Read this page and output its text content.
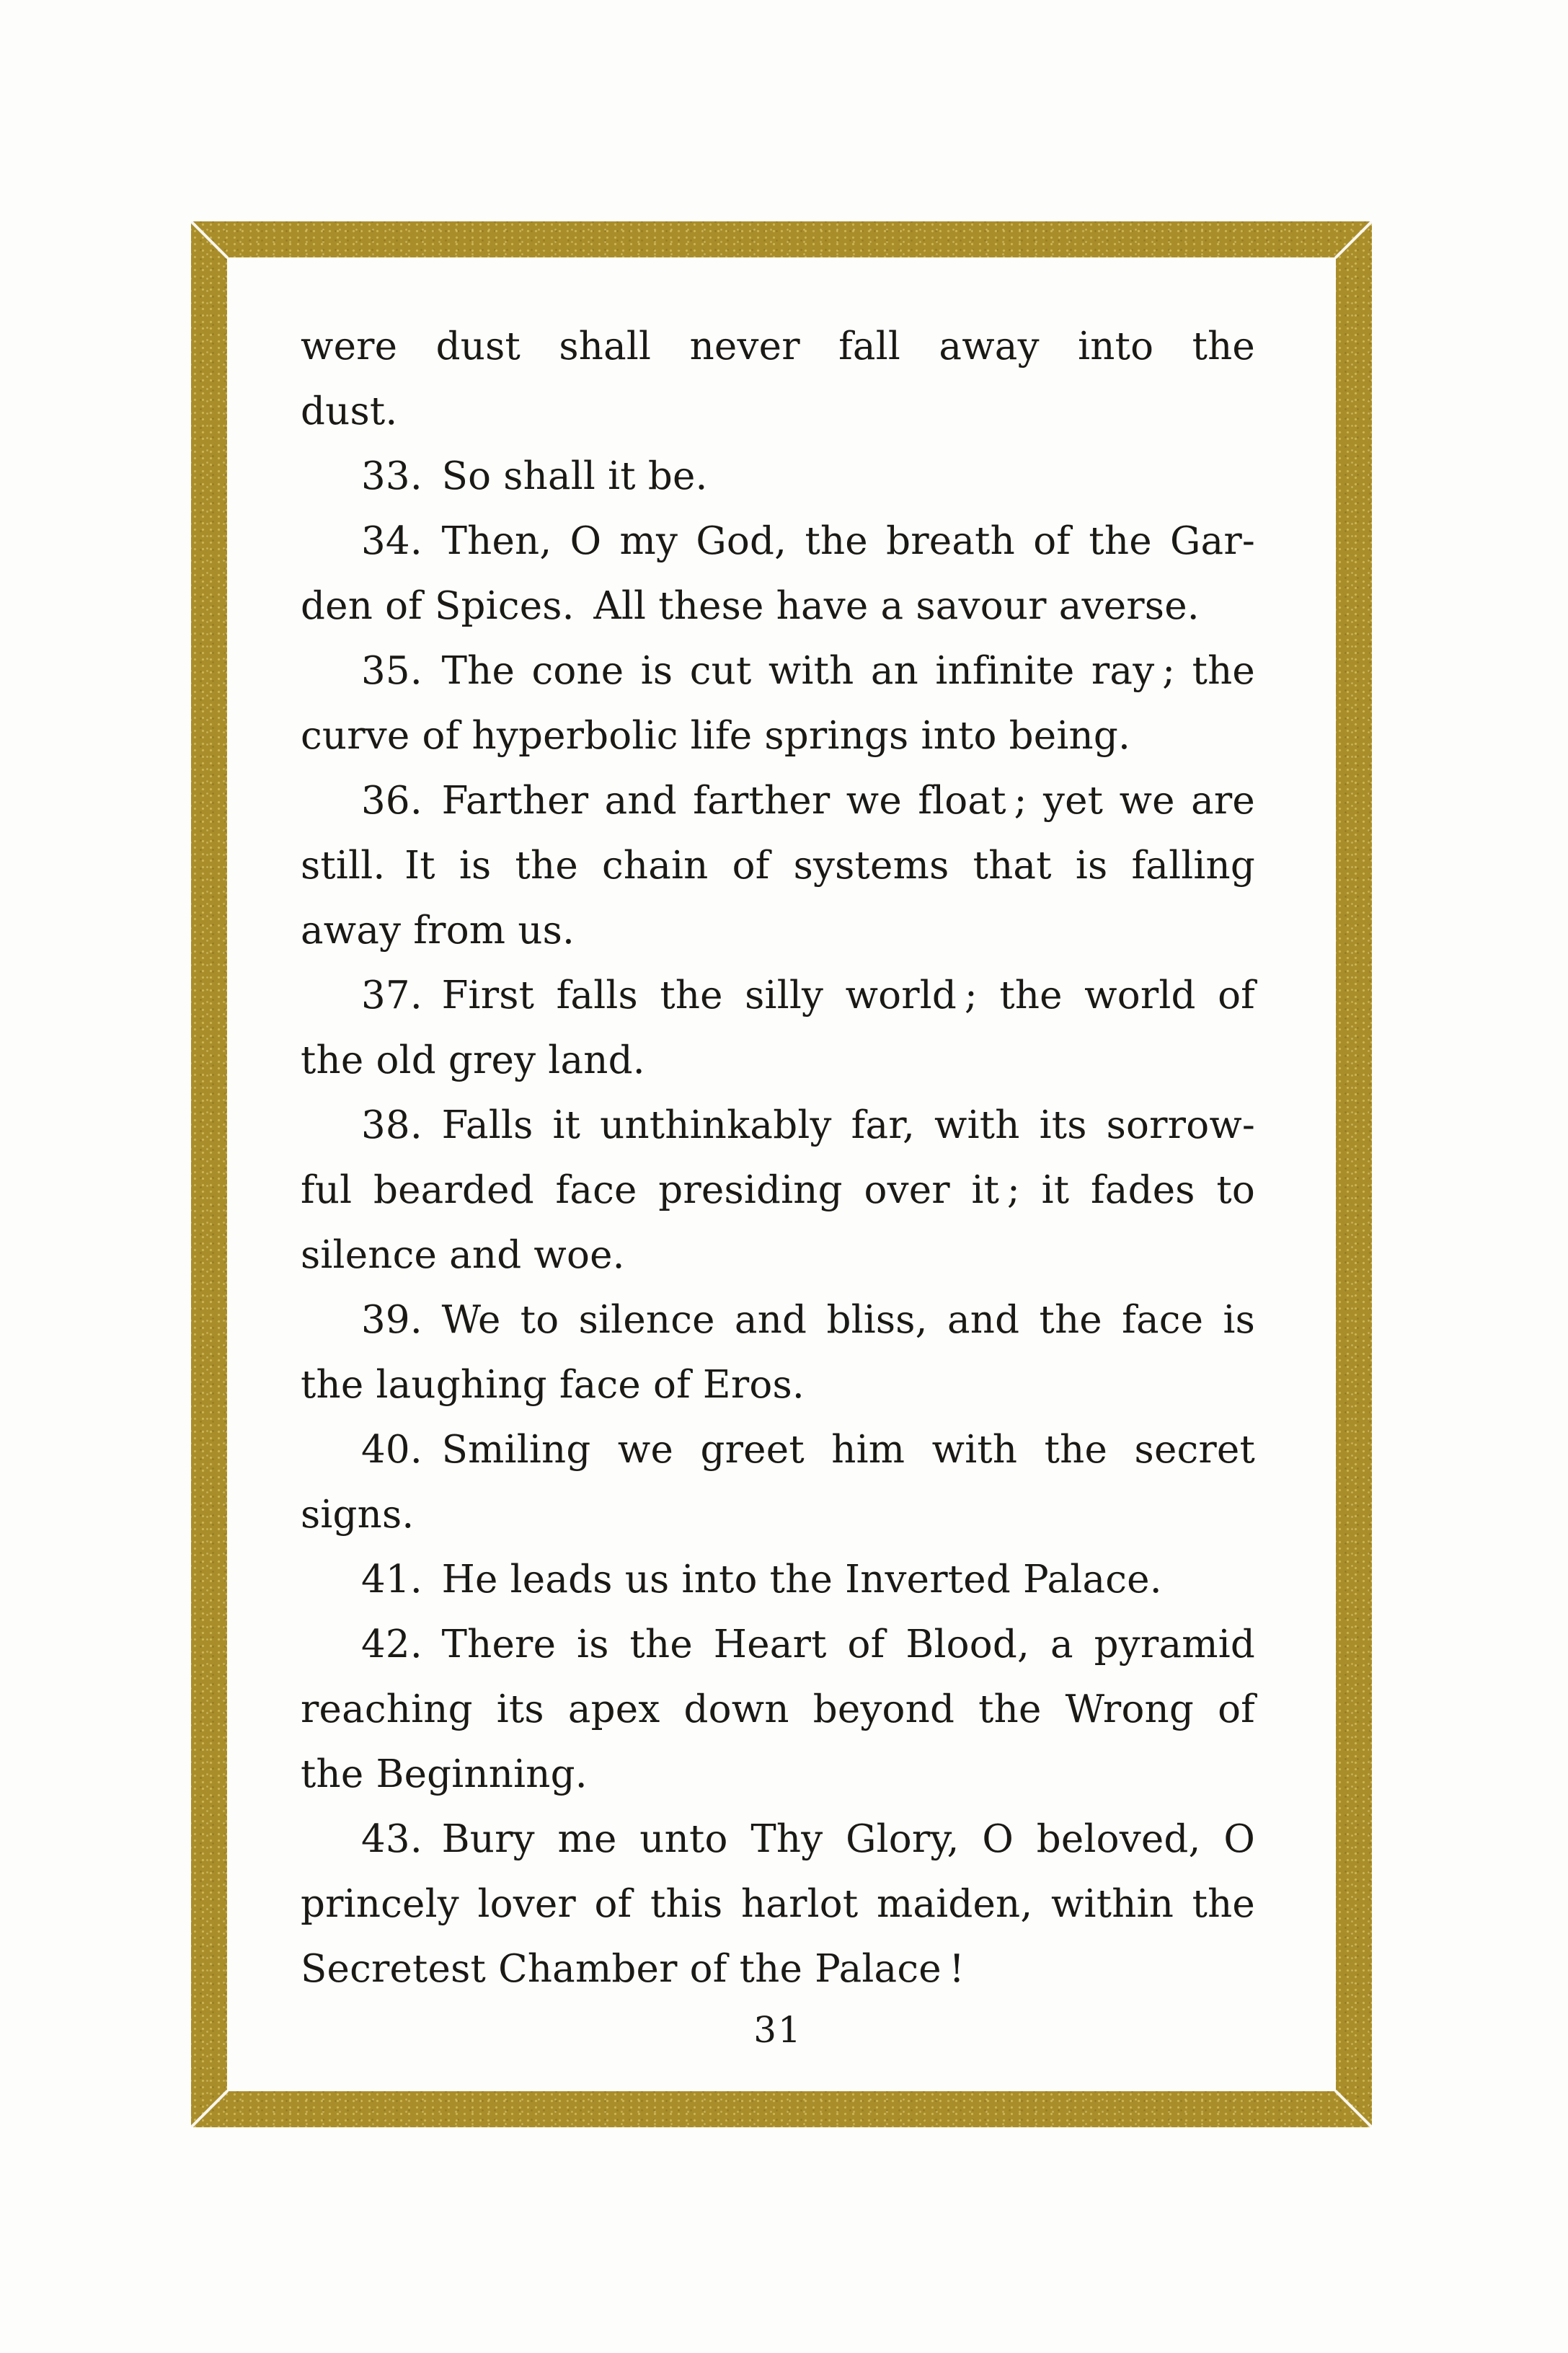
were dust shall never fall away into the
dust.
33. So shall it be.
34. Then, O my God, the breath of the Gar-
den of Spices. All these have a savour averse.
35. The cone is cut with an infinite ray ; the
curve of hyperbolic life springs into being.
36. Farther and farther we float ; yet we are
still. It is the chain of systems that is falling
away from us.
37. First falls the silly world ; the world of
the old grey land.
38. Falls it unthinkably far, with its sorrow-
ful bearded face presiding over it ; it fades to
silence and woe.
39. We to silence and bliss, and the face is
the laughing face of Eros.
40. Smiling we greet him with the secret
signs.
41. He leads us into the Inverted Palace.
42. There is the Heart of Blood, a pyramid
reaching its apex down beyond the Wrong of
the Beginning.
43. Bury me unto Thy Glory, O beloved, O
princely lover of this harlot maiden, within the
Secretest Chamber of the Palace !
31
